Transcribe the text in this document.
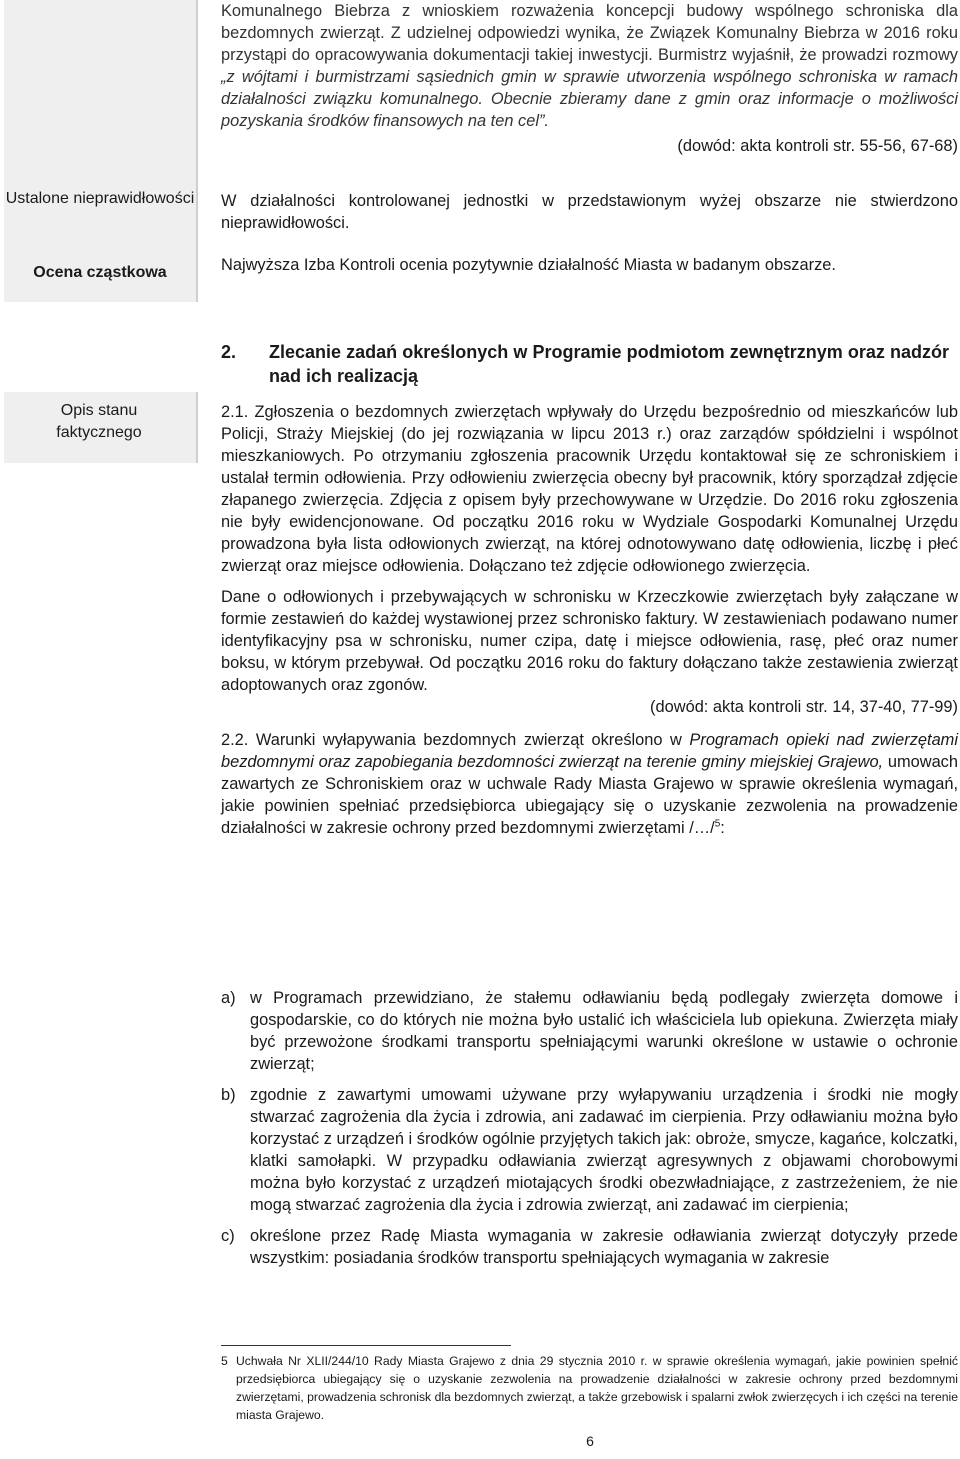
Ustalone nieprawidłowości
Ocena cząstkowa
Opis stanu faktycznego

Komunalnego Biebrza z wnioskiem rozważenia koncepcji budowy wspólnego schroniska dla bezdomnych zwierząt. Z udzielnej odpowiedzi wynika, że Związek Komunalny Biebrza w 2016 roku przystąpi do opracowywania dokumentacji takiej inwestycji. Burmistrz wyjaśnił, że prowadzi rozmowy „z wójtami i burmistrzami sąsiednich gmin w sprawie utworzenia wspólnego schroniska w ramach działalności związku komunalnego. Obecnie zbieramy dane z gmin oraz informacje o możliwości pozyskania środków finansowych na ten cel”.

(dowód: akta kontroli str. 55-56, 67-68)

W działalności kontrolowanej jednostki w przedstawionym wyżej obszarze nie stwierdzono nieprawidłowości.

Najwyższa Izba Kontroli ocenia pozytywnie działalność Miasta w badanym obszarze.

2. Zlecanie zadań określonych w Programie podmiotom zewnętrznym oraz nadzór nad ich realizacją

2.1. Zgłoszenia o bezdomnych zwierzętach wpływały do Urzędu bezpośrednio od mieszkańców lub Policji, Straży Miejskiej (do jej rozwiązania w lipcu 2013 r.) oraz zarządów spółdzielni i wspólnot mieszkaniowych. Po otrzymaniu zgłoszenia pracownik Urzędu kontaktował się ze schroniskiem i ustalał termin odłowienia. Przy odłowieniu zwierzęcia obecny był pracownik, który sporządzał zdjęcie złapanego zwierzęcia. Zdjęcia z opisem były przechowywane w Urzędzie. Do 2016 roku zgłoszenia nie były ewidencjonowane. Od początku 2016 roku w Wydziale Gospodarki Komunalnej Urzędu prowadzona była lista odłowionych zwierząt, na której odnotowywano datę odłowienia, liczbę i płeć zwierząt oraz miejsce odłowienia. Dołączano też zdjęcie odłowionego zwierzęcia.

Dane o odłowionych i przebywających w schronisku w Krzeczkowie zwierzętach były załączane w formie zestawień do każdej wystawionej przez schronisko faktury. W zestawieniach podawano numer identyfikacyjny psa w schronisku, numer czipa, datę i miejsce odłowienia, rasę, płeć oraz numer boksu, w którym przebywał. Od początku 2016 roku do faktury dołączano także zestawienia zwierząt adoptowanych oraz zgonów.

(dowód: akta kontroli str. 14, 37-40, 77-99)

2.2. Warunki wyłapywania bezdomnych zwierząt określono w Programach opieki nad zwierzętami bezdomnymi oraz zapobiegania bezdomności zwierząt na terenie gminy miejskiej Grajewo, umowach zawartych ze Schroniskiem oraz w uchwale Rady Miasta Grajewo w sprawie określenia wymagań, jakie powinien spełniać przedsiębiorca ubiegający się o uzyskanie zezwolenia na prowadzenie działalności w zakresie ochrony przed bezdomnymi zwierzętami /…/$^5$:

a) w Programach przewidziano, że stałemu odławianiu będą podlegały zwierzęta domowe i gospodarskie, co do których nie można było ustalić ich właściciela lub opiekuna. Zwierzęta miały być przewożone środkami transportu spełniającymi warunki określone w ustawie o ochronie zwierząt;
b) zgodnie z zawartymi umowami używane przy wyłapywaniu urządzenia i środki nie mogły stwarzać zagrożenia dla życia i zdrowia, ani zadawać im cierpienia. Przy odławianiu można było korzystać z urządzeń i środków ogólnie przyjętych takich jak: obroże, smycze, kagańce, kolczatki, klatki samołapki. W przypadku odławiania zwierząt agresywnych z objawami chorobowymi można było korzystać z urządzeń miotających środki obezwładniające, z zastrzeżeniem, że nie mogą stwarzać zagrożenia dla życia i zdrowia zwierząt, ani zadawać im cierpienia;
c) określone przez Radę Miasta wymagania w zakresie odławiania zwierząt dotyczyły przede wszystkim: posiadania środków transportu spełniających wymagania w zakresie
5 Uchwała Nr XLII/244/10 Rady Miasta Grajewo z dnia 29 stycznia 2010 r. w sprawie określenia wymagań, jakie powinien spełnić przedsiębiorca ubiegający się o uzyskanie zezwolenia na prowadzenie działalności w zakresie ochrony przed bezdomnymi zwierzętami, prowadzenia schronisk dla bezdomnych zwierząt, a także grzebowisk i spalarni zwłok zwierzęcych i ich części na terenie miasta Grajewo.
6
